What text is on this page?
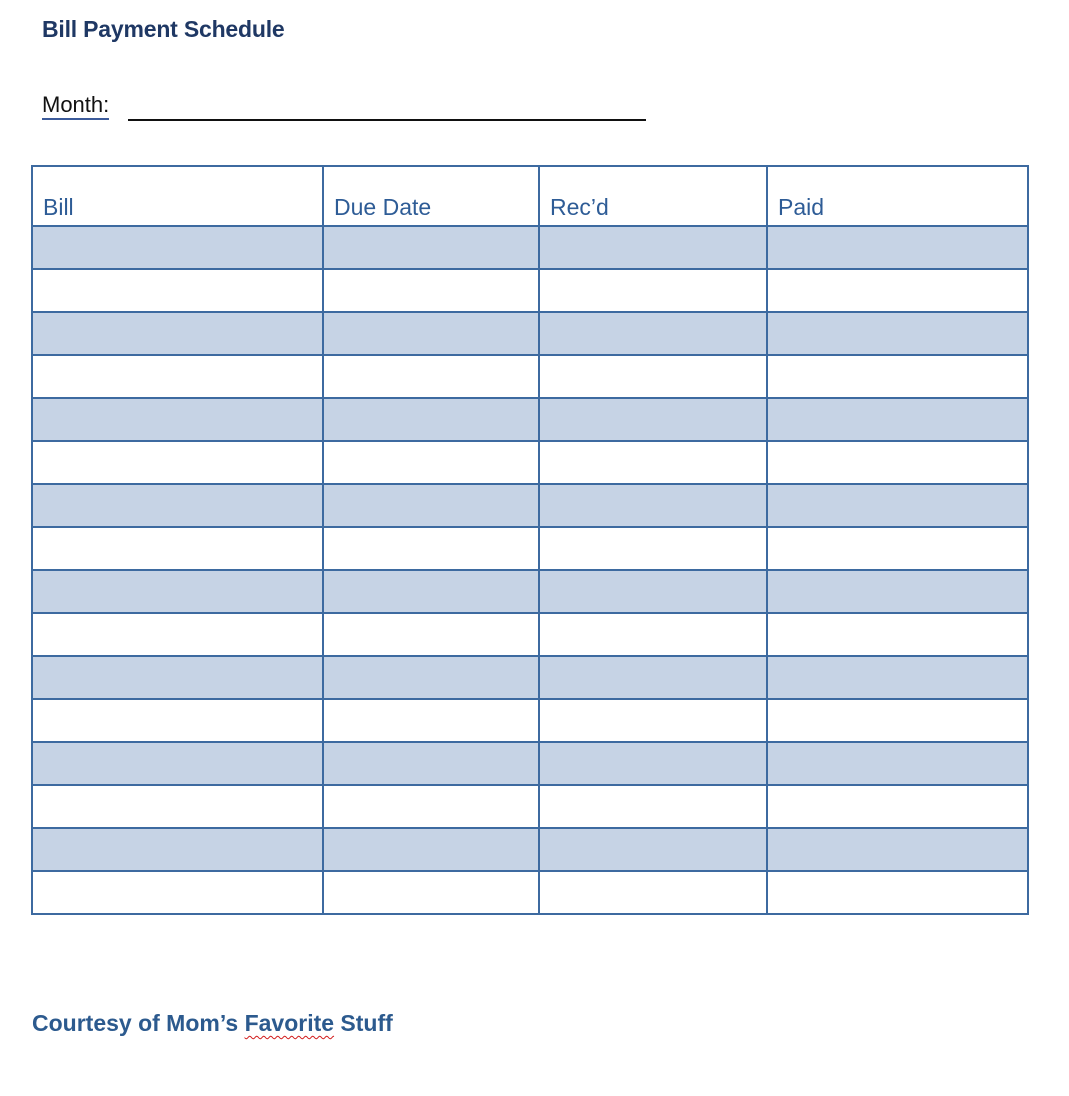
Bill Payment Schedule
Month:
Bill	Due Date	Rec’d	Paid

Courtesy of Mom’s Favorite Stuff
